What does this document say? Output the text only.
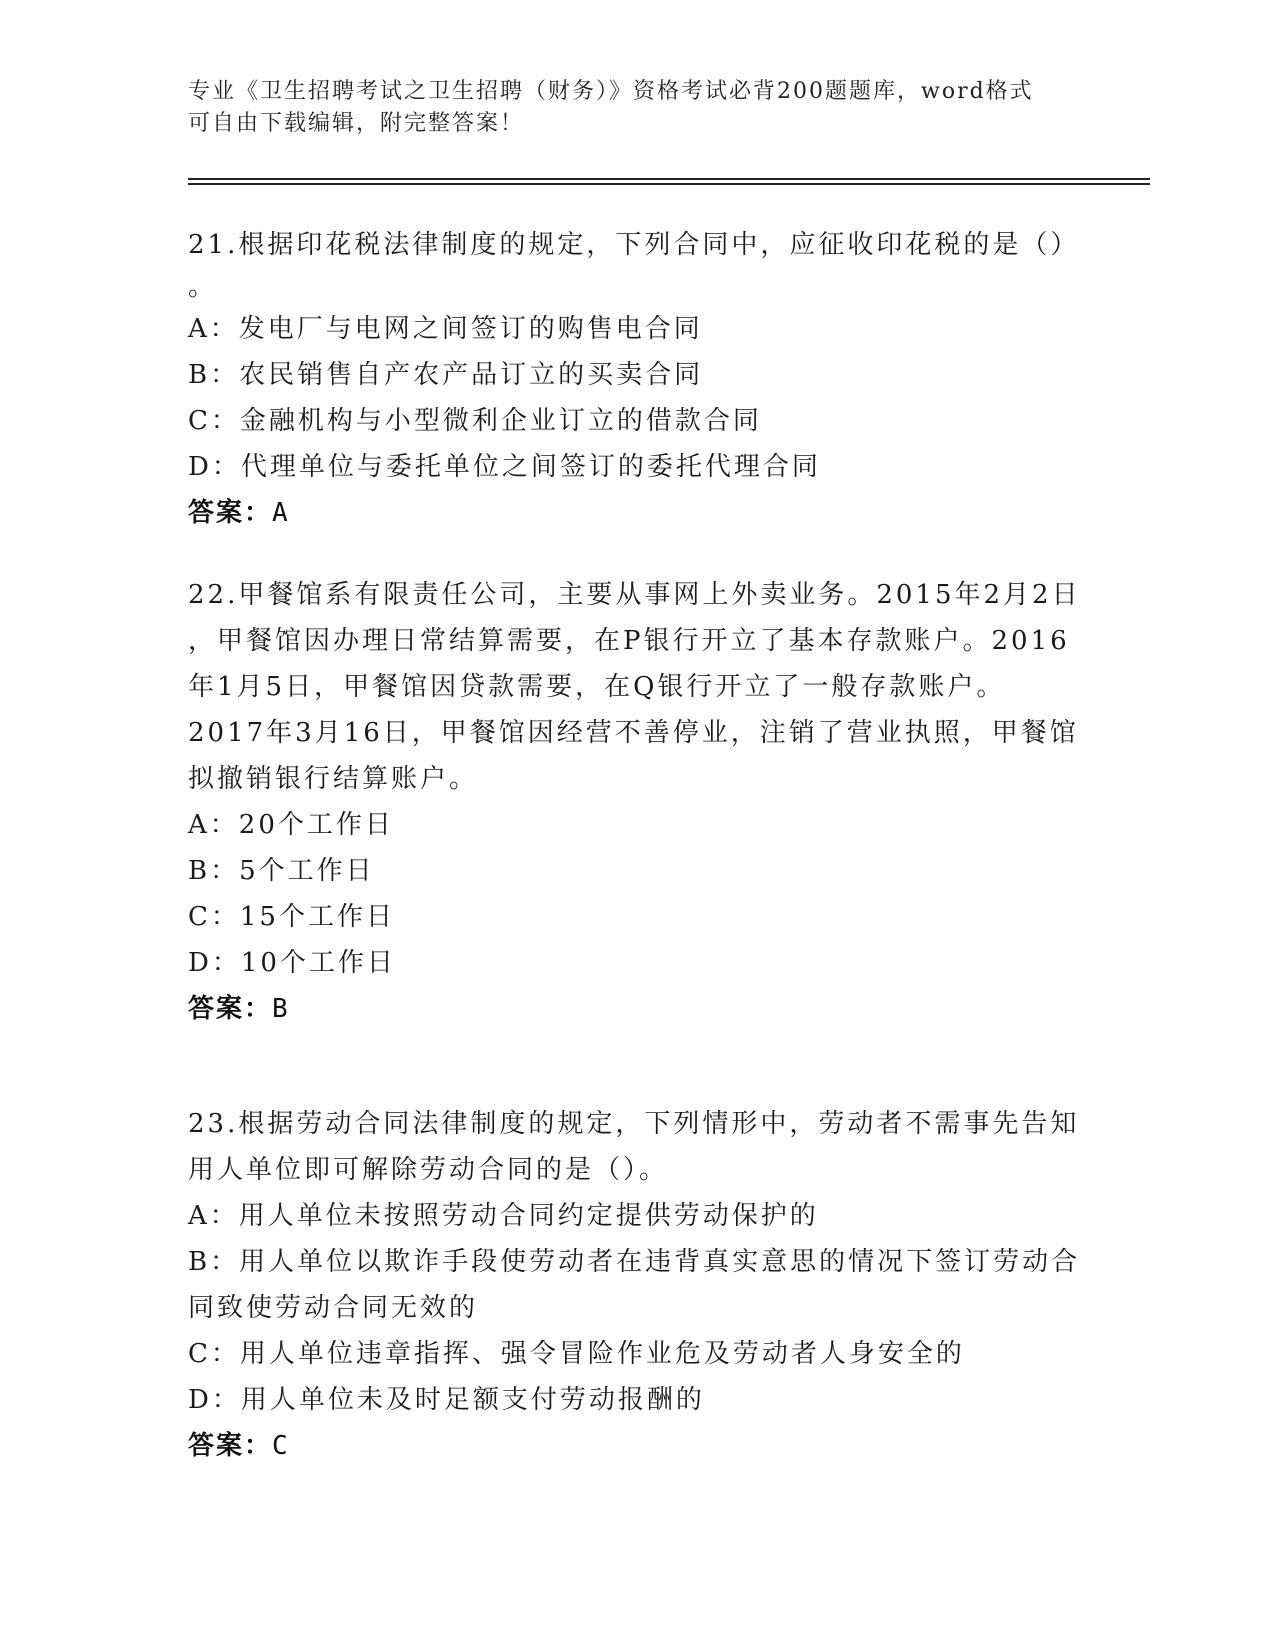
专业《卫生招聘考试之卫生招聘（财务）》资格考试必背200题题库，word格式
可自由下载编辑，附完整答案！
21.根据印花税法律制度的规定，下列合同中，应征收印花税的是（）
。
A：发电厂与电网之间签订的购售电合同
B：农民销售自产农产品订立的买卖合同
C：金融机构与小型微利企业订立的借款合同
D：代理单位与委托单位之间签订的委托代理合同
答案：A
22.甲餐馆系有限责任公司，主要从事网上外卖业务。2015年2月2日
，甲餐馆因办理日常结算需要，在P银行开立了基本存款账户。2016
年1月5日，甲餐馆因贷款需要，在Q银行开立了一般存款账户。
2017年3月16日，甲餐馆因经营不善停业，注销了营业执照，甲餐馆
拟撤销银行结算账户。
A：20个工作日
B：5个工作日
C：15个工作日
D：10个工作日
答案：B
23.根据劳动合同法律制度的规定，下列情形中，劳动者不需事先告知
用人单位即可解除劳动合同的是（）。
A：用人单位未按照劳动合同约定提供劳动保护的
B：用人单位以欺诈手段使劳动者在违背真实意思的情况下签订劳动合
同致使劳动合同无效的
C：用人单位违章指挥、强令冒险作业危及劳动者人身安全的
D：用人单位未及时足额支付劳动报酬的
答案：C
